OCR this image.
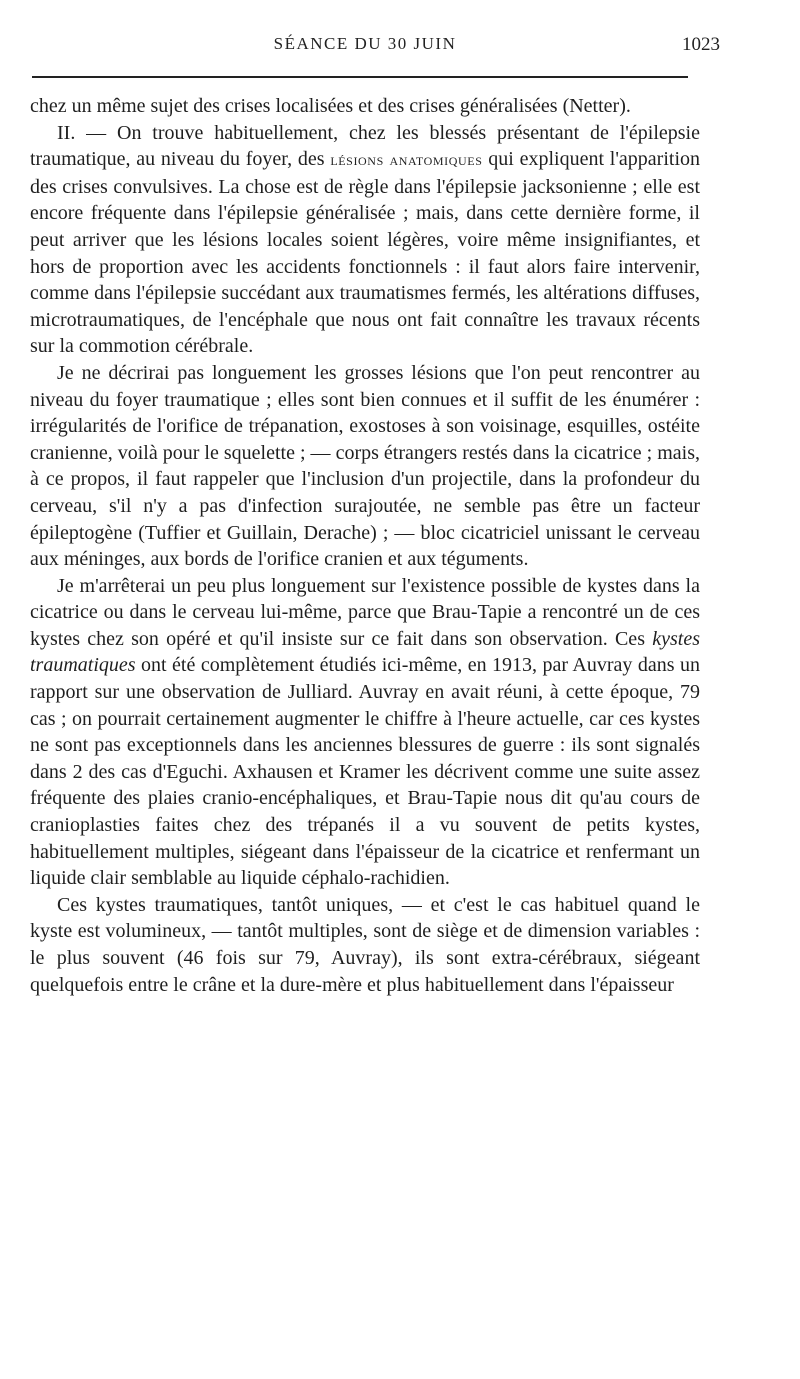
SÉANCE DU 30 JUIN	1023

chez un même sujet des crises localisées et des crises généralisées (Netter).

II. — On trouve habituellement, chez les blessés présentant de l'épilepsie traumatique, au niveau du foyer, des lésions anatomiques qui expliquent l'apparition des crises convulsives. La chose est de règle dans l'épilepsie jacksonienne ; elle est encore fréquente dans l'épilepsie généralisée ; mais, dans cette dernière forme, il peut arriver que les lésions locales soient légères, voire même insignifiantes, et hors de proportion avec les accidents fonctionnels : il faut alors faire intervenir, comme dans l'épilepsie succédant aux traumatismes fermés, les altérations diffuses, microtraumatiques, de l'encéphale que nous ont fait connaître les travaux récents sur la commotion cérébrale.

Je ne décrirai pas longuement les grosses lésions que l'on peut rencontrer au niveau du foyer traumatique ; elles sont bien connues et il suffit de les énumérer : irrégularités de l'orifice de trépanation, exostoses à son voisinage, esquilles, ostéite cranienne, voilà pour le squelette ; — corps étrangers restés dans la cicatrice ; mais, à ce propos, il faut rappeler que l'inclusion d'un projectile, dans la profondeur du cerveau, s'il n'y a pas d'infection surajoutée, ne semble pas être un facteur épileptogène (Tuffier et Guillain, Derache) ; — bloc cicatriciel unissant le cerveau aux méninges, aux bords de l'orifice cranien et aux téguments.

Je m'arrêterai un peu plus longuement sur l'existence possible de kystes dans la cicatrice ou dans le cerveau lui-même, parce que Brau-Tapie a rencontré un de ces kystes chez son opéré et qu'il insiste sur ce fait dans son observation. Ces kystes traumatiques ont été complètement étudiés ici-même, en 1913, par Auvray dans un rapport sur une observation de Julliard. Auvray en avait réuni, à cette époque, 79 cas ; on pourrait certainement augmenter le chiffre à l'heure actuelle, car ces kystes ne sont pas exceptionnels dans les anciennes blessures de guerre : ils sont signalés dans 2 des cas d'Eguchi. Axhausen et Kramer les décrivent comme une suite assez fréquente des plaies cranio-encéphaliques, et Brau-Tapie nous dit qu'au cours de cranioplasties faites chez des trépanés il a vu souvent de petits kystes, habituellement multiples, siégeant dans l'épaisseur de la cicatrice et renfermant un liquide clair semblable au liquide céphalo-rachidien.

Ces kystes traumatiques, tantôt uniques, — et c'est le cas habituel quand le kyste est volumineux, — tantôt multiples, sont de siège et de dimension variables : le plus souvent (46 fois sur 79, Auvray), ils sont extra-cérébraux, siégeant quelquefois entre le crâne et la dure-mère et plus habituellement dans l'épaisseur
